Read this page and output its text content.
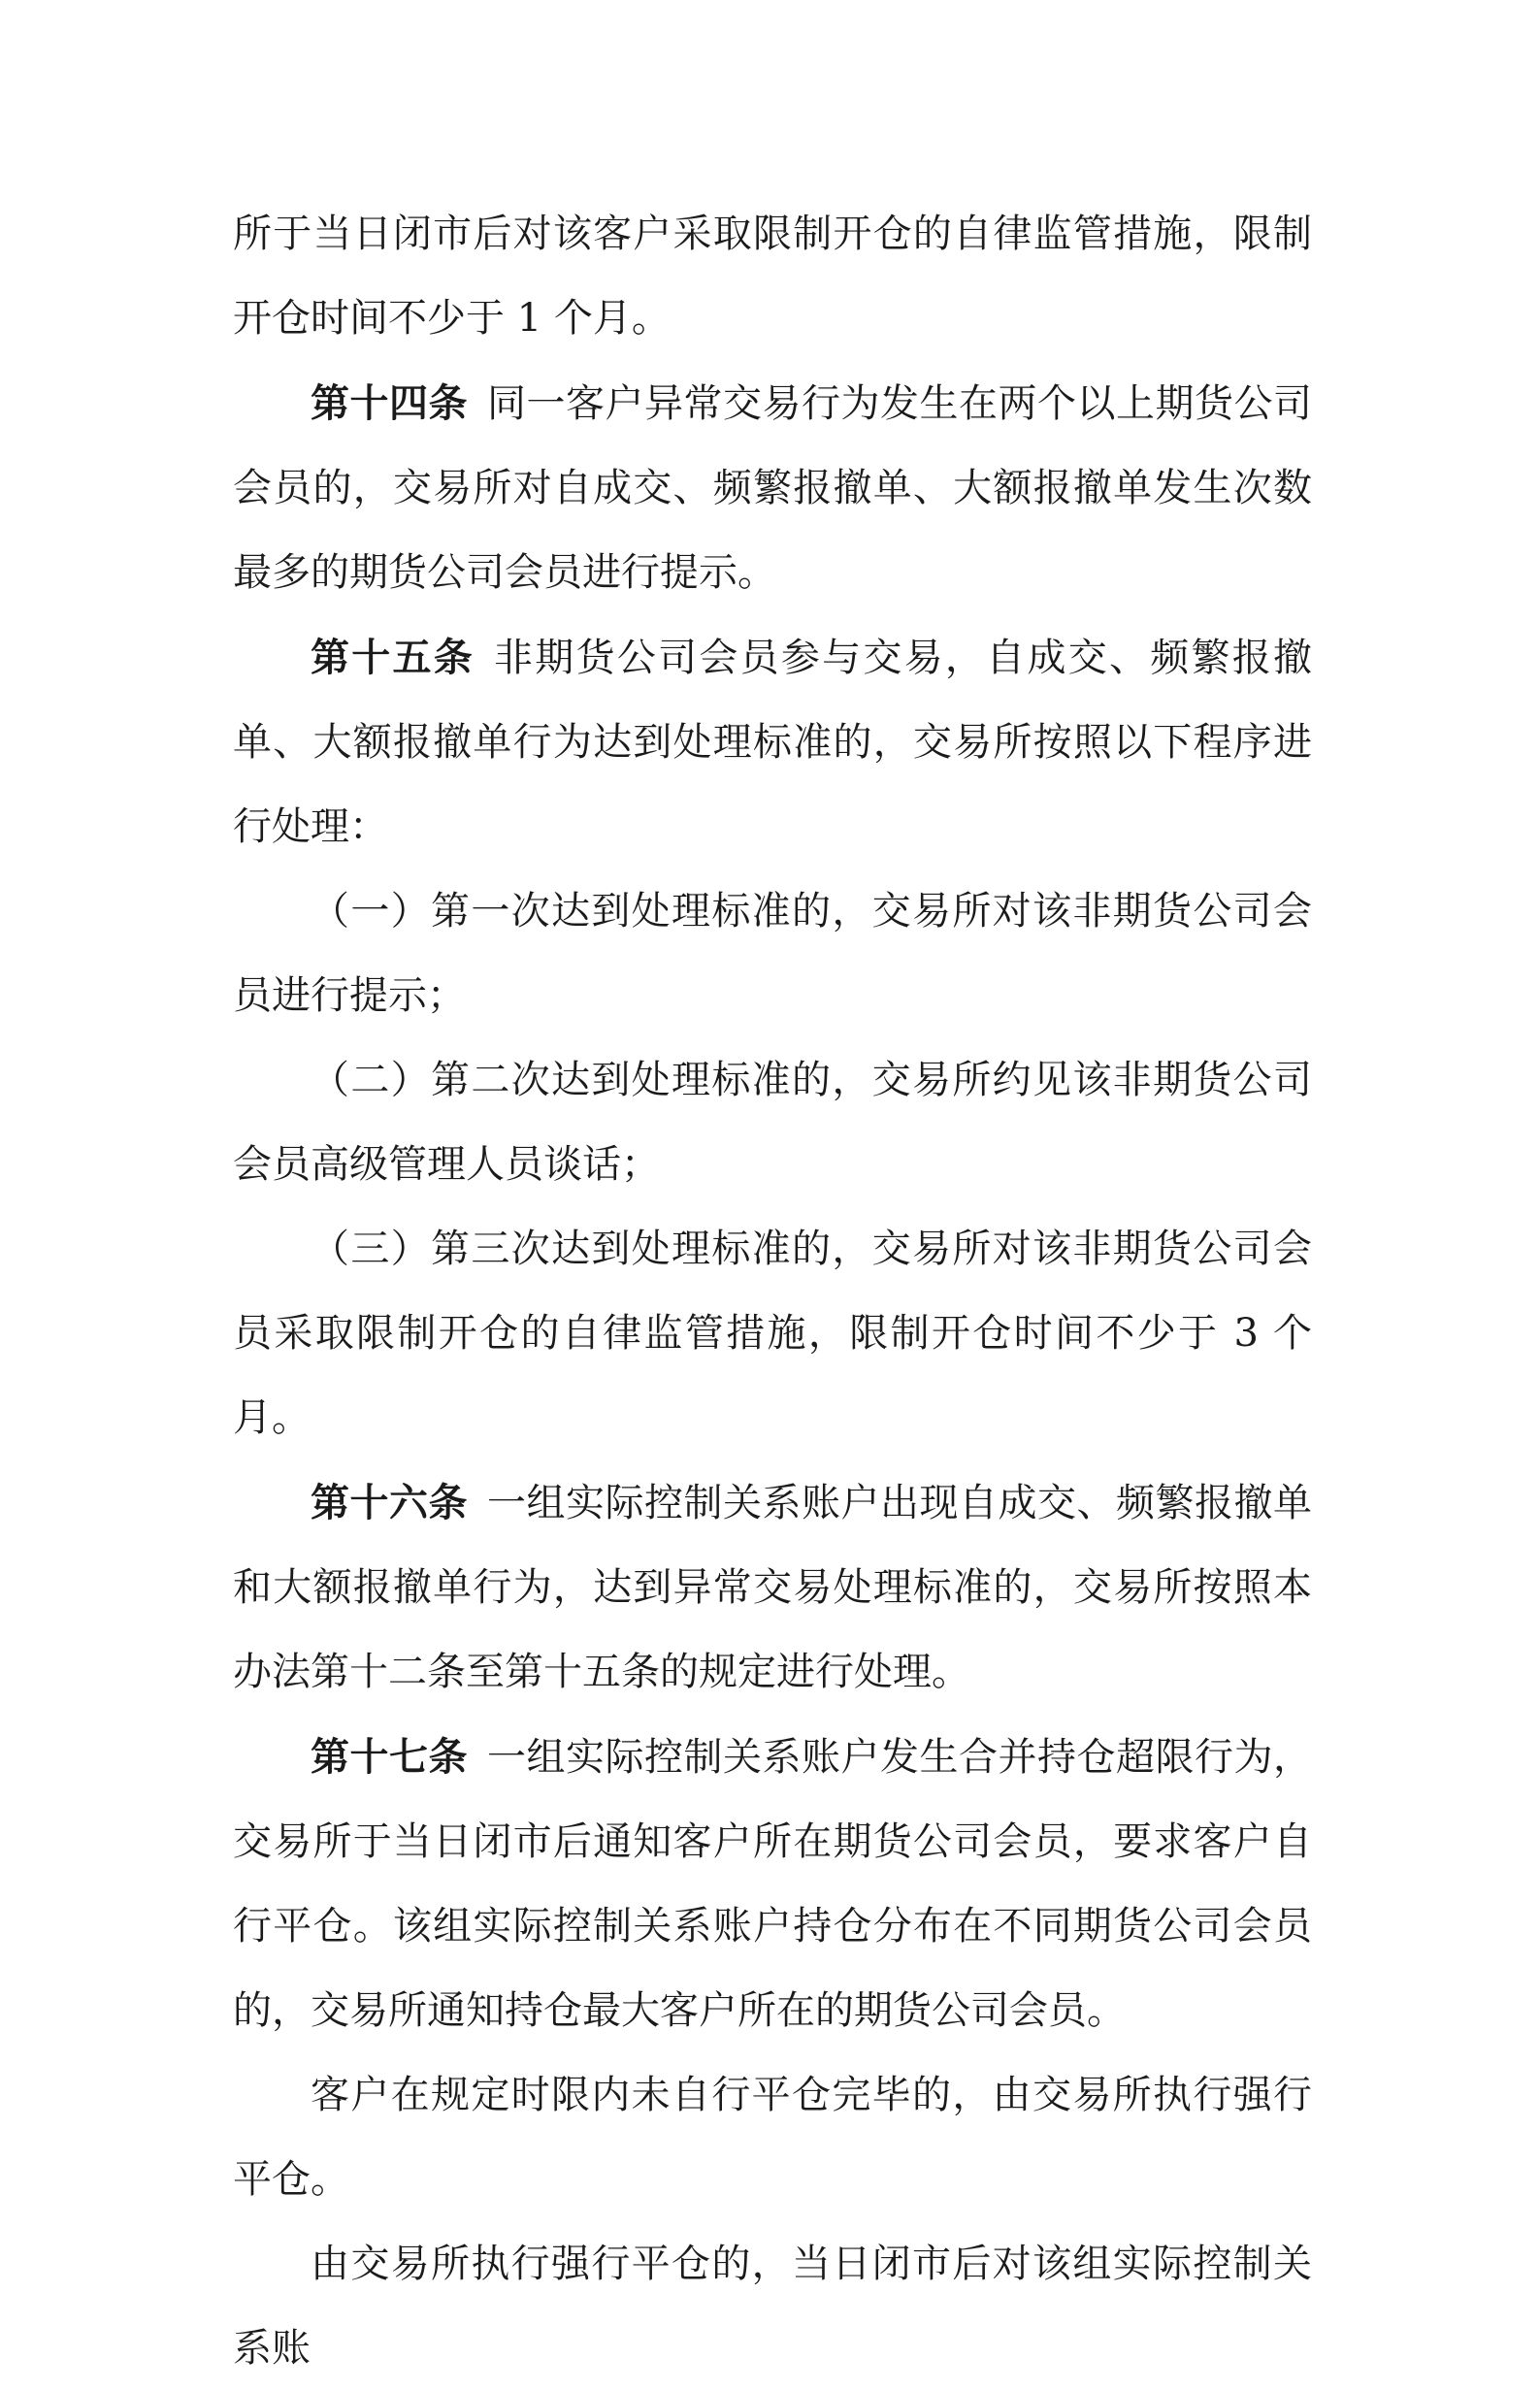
所于当日闭市后对该客户采取限制开仓的自律监管措施，限制开仓时间不少于 1 个月。

第十四条 同一客户异常交易行为发生在两个以上期货公司会员的，交易所对自成交、频繁报撤单、大额报撤单发生次数最多的期货公司会员进行提示。

第十五条 非期货公司会员参与交易，自成交、频繁报撤单、大额报撤单行为达到处理标准的，交易所按照以下程序进行处理：

（一）第一次达到处理标准的，交易所对该非期货公司会员进行提示；

（二）第二次达到处理标准的，交易所约见该非期货公司会员高级管理人员谈话；

（三）第三次达到处理标准的，交易所对该非期货公司会员采取限制开仓的自律监管措施，限制开仓时间不少于 3 个月。

第十六条 一组实际控制关系账户出现自成交、频繁报撤单和大额报撤单行为，达到异常交易处理标准的，交易所按照本办法第十二条至第十五条的规定进行处理。

第十七条 一组实际控制关系账户发生合并持仓超限行为，交易所于当日闭市后通知客户所在期货公司会员，要求客户自行平仓。该组实际控制关系账户持仓分布在不同期货公司会员的，交易所通知持仓最大客户所在的期货公司会员。

客户在规定时限内未自行平仓完毕的，由交易所执行强行平仓。

由交易所执行强行平仓的，当日闭市后对该组实际控制关系账
